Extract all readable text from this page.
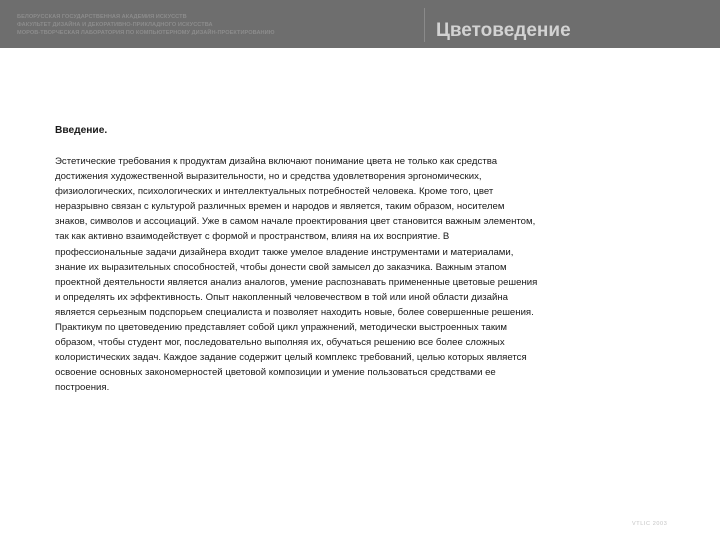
БЕЛОРУССКАЯ ГОСУДАРСТВЕННАЯ АКАДЕМИЯ ИСКУССТВ
ФАКУЛЬТЕТ ДИЗАЙНА И ДЕКОРАТИВНО-ПРИКЛАДНОГО ИСКУССТВА
МОРОВ-ТВОРЧЕСКАЯ ЛАБОРАТОРИЯ ПО КОМПЬЮТЕРНОМУ ДИЗАЙН-ПРОЕКТИРОВАНИЮ	Цветоведение
Введение.
Эстетические требования к продуктам дизайна включают понимание цвета не только как средства
достижения художественной выразительности, но и средства удовлетворения эргономических,
физиологических, психологических и интеллектуальных потребностей человека. Кроме того, цвет
неразрывно связан с культурой различных времен и народов и является, таким образом, носителем
знаков, символов и ассоциаций. Уже в самом начале проектирования цвет становится важным элементом,
так как активно взаимодействует с формой и пространством, влияя на их восприятие. В
профессиональные задачи дизайнера входит также умелое владение инструментами и материалами,
знание их выразительных способностей, чтобы донести свой замысел до заказчика. Важным этапом
проектной деятельности является анализ аналогов, умение распознавать примененные цветовые решения
и определять их эффективность. Опыт накопленный человечеством в той или иной области дизайна
является серьезным подспорьем специалиста и позволяет находить новые, более совершенные решения.
Практикум по цветоведению представляет собой цикл упражнений, методически выстроенных таким
образом, чтобы студент мог, последовательно выполняя их, обучаться решению все более сложных
колористических задач. Каждое задание содержит целый комплекс требований, целью которых является
освоение основных закономерностей цветовой композиции и умение пользоваться средствами ее
построения.
VTLIC 2003
